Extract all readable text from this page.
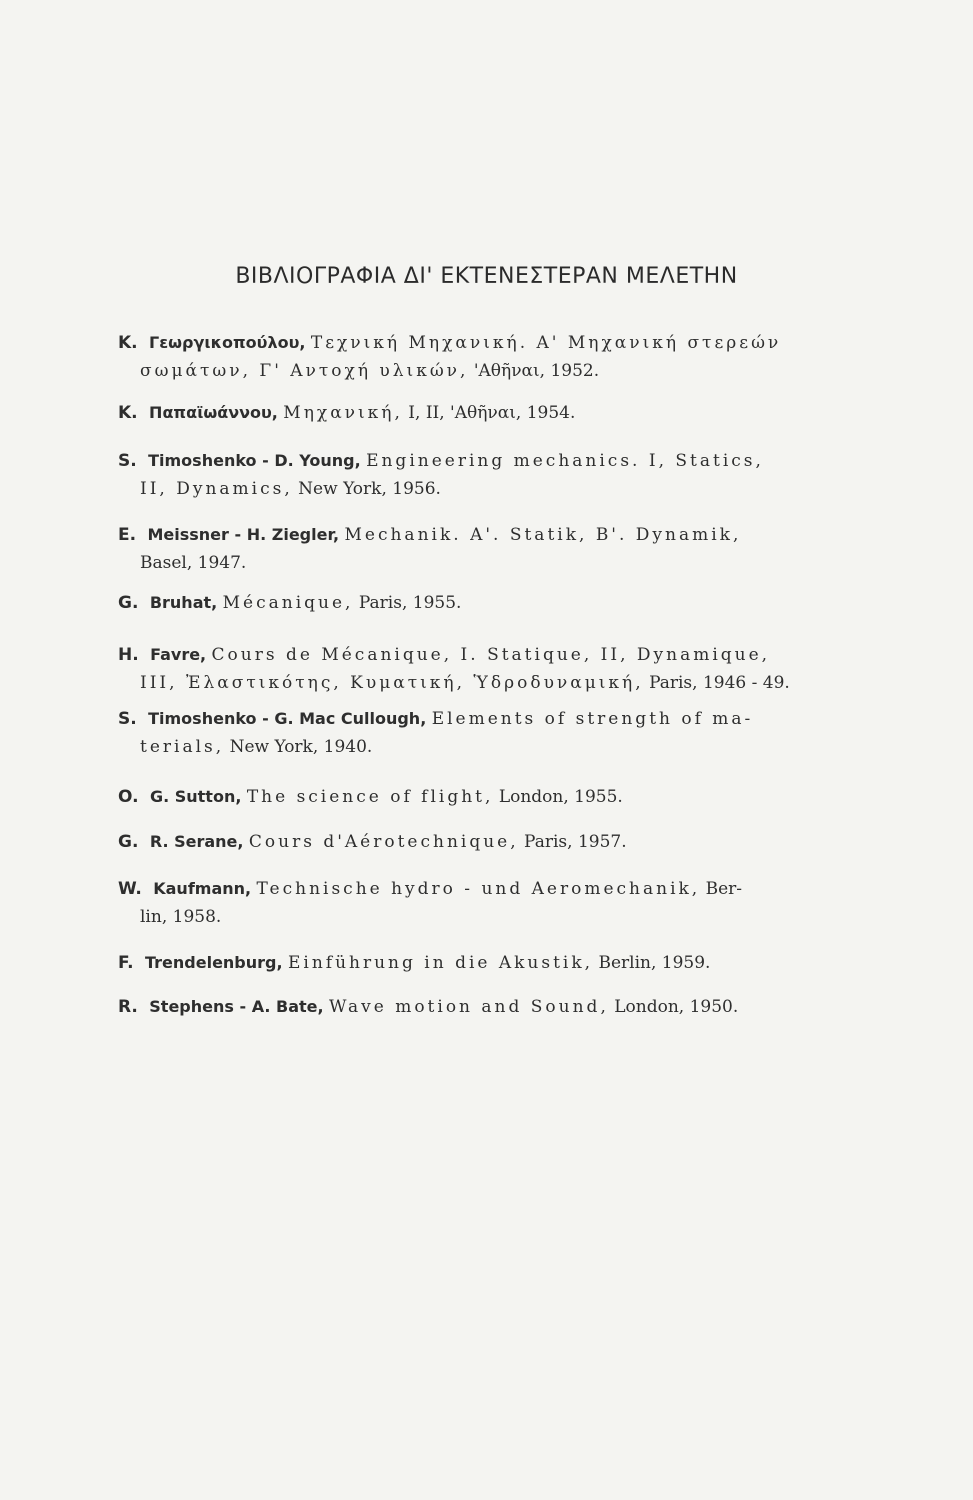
ΒΙΒΛΙΟΓΡΑΦΙΑ ΔΙ' ΕΚΤΕΝΕΣΤΕΡΑΝ ΜΕΛΕΤΗΝ
K. Γεωργικοπούλου, Τεχνική Μηχανική. Α' Μηχανική στερεών
σωμάτων, Γ' Αντοχή υλικών, 'Αθῆναι, 1952.
K. Παπαϊωάννου, Μηχανική, I, II, 'Αθῆναι, 1954.
S. Timoshenko - D. Young, Engineering mechanics. I, Statics,
II, Dynamics, New York, 1956.
E. Meissner - H. Ziegler, Mechanik. A'. Statik, B'. Dynamik,
Basel, 1947.
G. Bruhat, Mécanique, Paris, 1955.
H. Favre, Cours de Mécanique, I. Statique, II, Dynamique,
III, Ἐλαστικότης, Κυματική, Ὑδροδυναμική, Paris, 1946 - 49.
S. Timoshenko - G. Mac Cullough, Elements of strength of ma-
terials, New York, 1940.
O. G. Sutton, The science of flight, London, 1955.
G. R. Serane, Cours d'Aérotechnique, Paris, 1957.
W. Kaufmann, Technische hydro - und Aeromechanik, Ber-
lin, 1958.
F. Trendelenburg, Einführung in die Akustik, Berlin, 1959.
R. Stephens - A. Bate, Wave motion and Sound, London, 1950.
